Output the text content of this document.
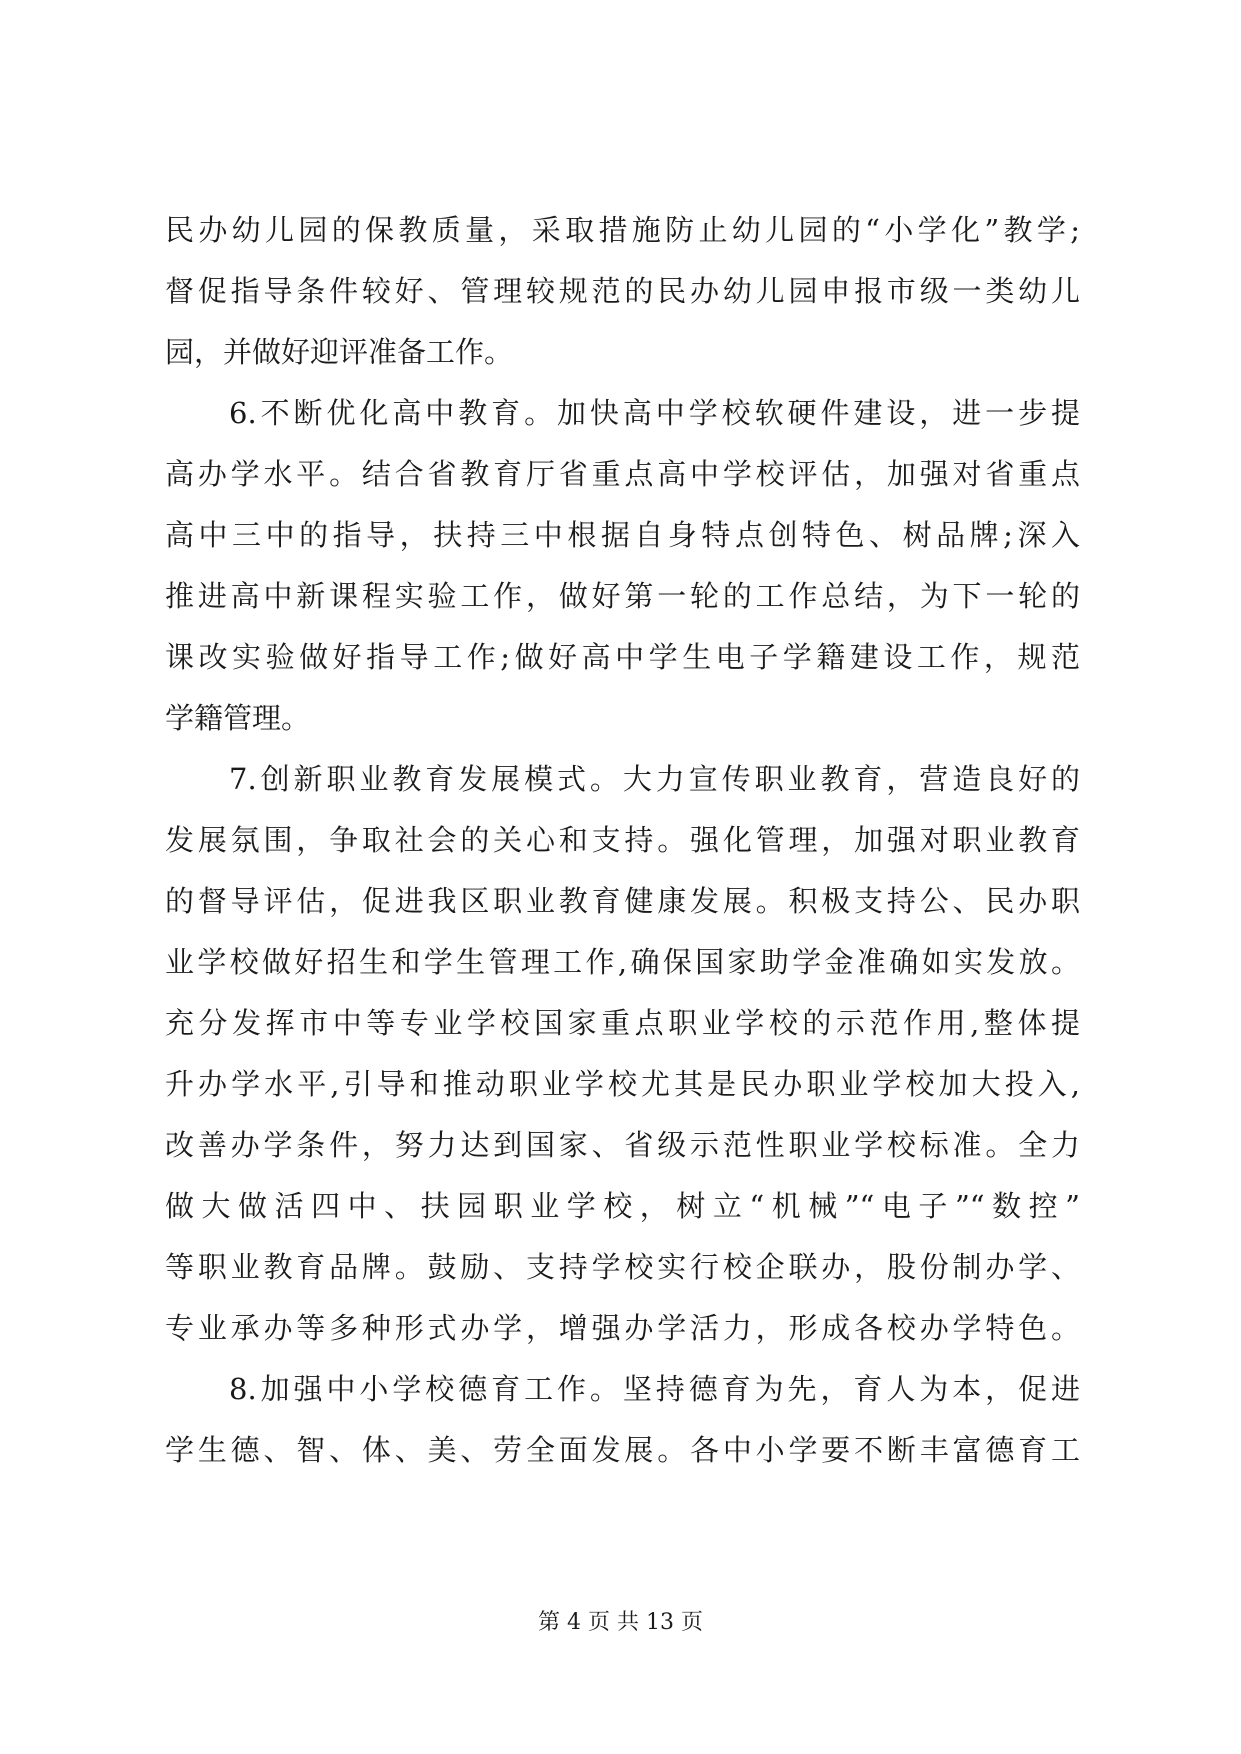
民办幼儿园的保教质量，采取措施防止幼儿园的“小学化”教学;
督促指导条件较好、管理较规范的民办幼儿园申报市级一类幼儿
园，并做好迎评准备工作。
6.不断优化高中教育。加快高中学校软硬件建设，进一步提
高办学水平。结合省教育厅省重点高中学校评估，加强对省重点
高中三中的指导，扶持三中根据自身特点创特色、树品牌;深入
推进高中新课程实验工作，做好第一轮的工作总结，为下一轮的
课改实验做好指导工作;做好高中学生电子学籍建设工作，规范
学籍管理。
7.创新职业教育发展模式。大力宣传职业教育，营造良好的
发展氛围，争取社会的关心和支持。强化管理，加强对职业教育
的督导评估，促进我区职业教育健康发展。积极支持公、民办职
业学校做好招生和学生管理工作,确保国家助学金准确如实发放。
充分发挥市中等专业学校国家重点职业学校的示范作用,整体提
升办学水平,引导和推动职业学校尤其是民办职业学校加大投入,
改善办学条件，努力达到国家、省级示范性职业学校标准。全力
做大做活四中、扶园职业学校，树立“机械”“电子”“数控”
等职业教育品牌。鼓励、支持学校实行校企联办，股份制办学、
专业承办等多种形式办学，增强办学活力，形成各校办学特色。
8.加强中小学校德育工作。坚持德育为先，育人为本，促进
学生德、智、体、美、劳全面发展。各中小学要不断丰富德育工
第 4 页 共 13 页
